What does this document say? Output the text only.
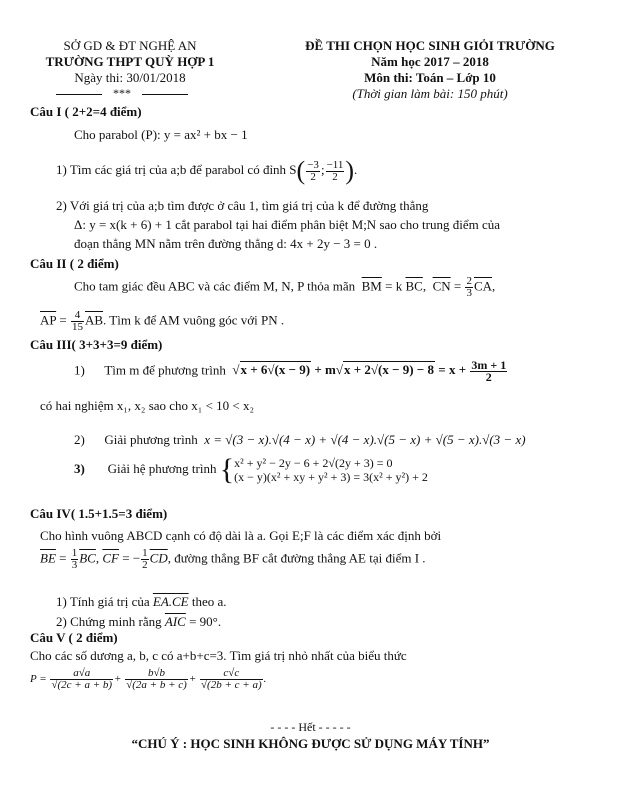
SỞ GD & ĐT NGHỆ AN
TRƯỜNG THPT QUỲ HỢP 1
Ngày thi: 30/01/2018
***
ĐỀ THI CHỌN HỌC SINH GIỎI TRƯỜNG
Năm học 2017 – 2018
Môn thi: Toán – Lớp 10
(Thời gian làm bài: 150 phút)
Câu I ( 2+2=4 điểm)
Cho parabol (P): y = ax² + bx − 1
1) Tìm các giá trị của a;b để parabol có đỉnh $S( \frac{-3}{2}$ ; $\frac{-11}{2}$ ).
2) Với giá trị của a;b tìm được ở câu 1, tìm giá trị của k để đường thẳng
Δ: y = x(k + 6) + 1 cắt parabol tại hai điểm phân biệt M;N sao cho trung điểm của
đoạn thẳng MN nằm trên đường thẳng d: 4x + 2y − 3 = 0 .
Câu II ( 2 điểm)
Cho tam giác đều ABC và các điểm M, N, P thỏa mãn $\overline{BM} = k$ $\overline{BC}$,  $\overline{CN} = \frac{2}{3} \overline{CA}$,
$\overline{AP} = \frac{4}{15} \overline{AB}$. Tìm k để AM vuông góc với PN .
Câu III( 3+3+3=9 điểm)
1) Tìm m để phương trình $√x + 6√(x - 9) + m√x + 2√(x - 9) - 8 = x + \frac{3m + 1}{2}$
có hai nghiệm x₁, x₂ sao cho x₁ < 10 < x₂
2) Giải phương trình x = √(3 − x).√(4 − x) + √(4 − x).√(5 − x) + √(5 − x).√(3 − x)
3) Giải hệ phương trình { x² + y² − 2y − 6 + 2√(2y + 3) = 0
(x − y)(x² + xy + y² + 3) = 3(x² + y²) + 2
Câu IV( 1.5+1.5=3 điểm)
Cho hình vuông ABCD cạnh có độ dài là a. Gọi E;F là các điểm xác định bởi
$\overline{BE} = \frac{1}{3} \overline{BC}$, $\overline{CF}$ = − $\frac{1}{2} \overline{CD}$, đường thẳng BF cắt đường thẳng AE tại điểm I .
1) Tính giá trị của EA.CE theo a.
2) Chứng minh rằng $\overline{AIC} = 90^\circ$.
Câu V ( 2 điểm)
Cho các số dương a, b, c có a+b+c=3. Tìm giá trị nhỏ nhất của biểu thức
$P = \frac{a√a}{√(2c + a + b)} + \frac{b√b}{√(2a + b + c)} + \frac{c√c}{√(2b + c + a)}$ .
- - - - Hết - - - - -
“CHÚ Ý : HỌC SINH KHÔNG ĐƯỢC SỬ DỤNG MÁY TÍNH”
